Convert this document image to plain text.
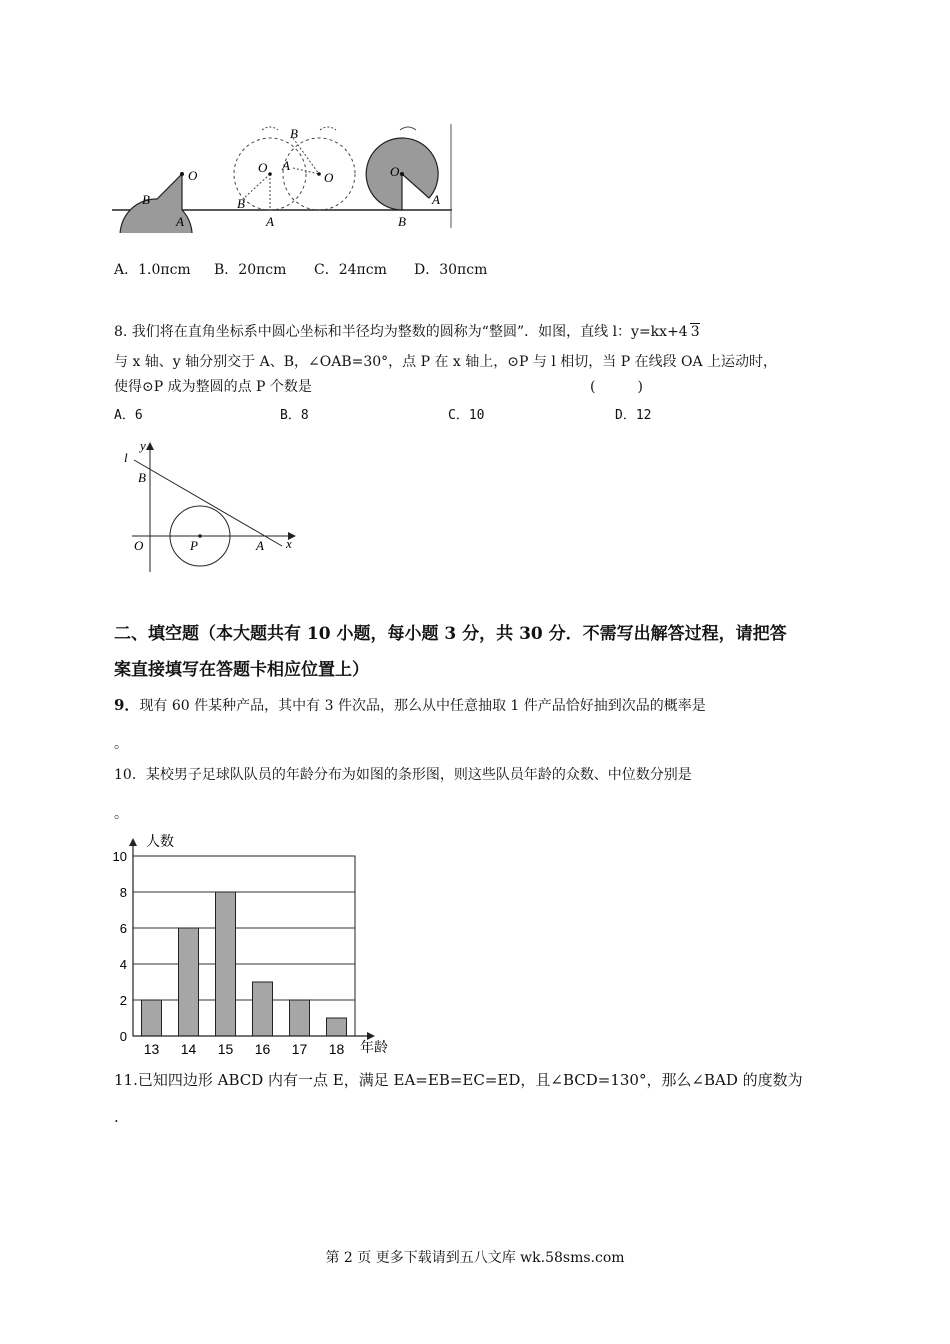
O
B
A
B
O A
O
B
A
O
B
A
A．1.0πcm B．20πcm C．24πcm D．30πcm
8. 我们将在直角坐标系中圆心坐标和半径均为整数的圆称为“整圆”．如图，直线 l：y=kx+4 3
与 x 轴、y 轴分别交于 A、B，∠OAB=30°，点 P 在 x 轴上，⊙P 与 l 相切，当 P 在线段 OA 上运动时，
使得⊙P 成为整圆的点 P 个数是	(　　　)
A．6	B．8	C．10	D．12
y
l
B
O	P	A x
二、填空题（本大题共有 10 小题，每小题 3 分，共 30 分．不需写出解答过程，请把答
案直接填写在答题卡相应位置上）
9．现有 60 件某种产品，其中有 3 件次品，那么从中任意抽取 1 件产品恰好抽到次品的概率是
。
10．某校男子足球队队员的年龄分布为如图的条形图，则这些队员年龄的众数、中位数分别是
。
0
2
4
6
8
10
13 14 15 16 17 18
人数
年龄
11.已知四边形 ABCD 内有一点 E，满足 EA=EB=EC=ED，且∠BCD=130°，那么∠BAD 的度数为
.
第 2 页 更多下载请到五八文库 wk.58sms.com
